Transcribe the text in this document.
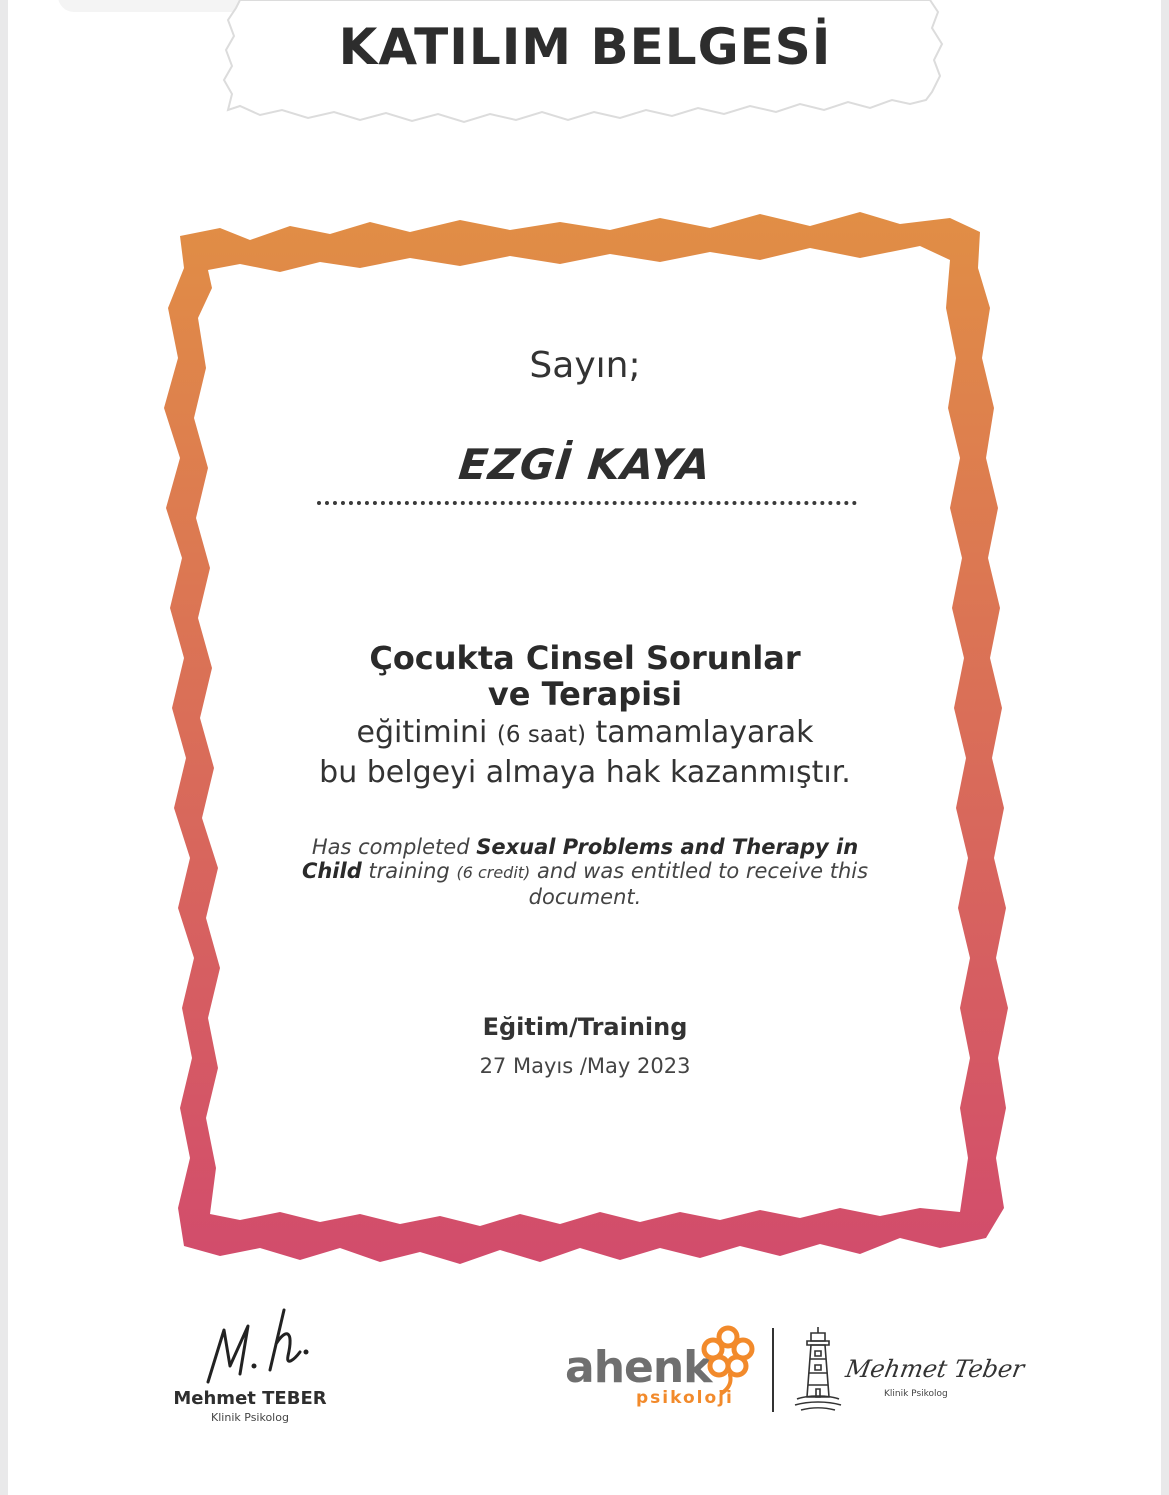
KATILIM BELGESİ
Sayın;
EZGİ KAYA
Çocukta Cinsel Sorunlar
ve Terapisi
eğitimini (6 saat) tamamlayarak
bu belgeyi almaya hak kazanmıştır.
Has completed Sexual Problems and Therapy in Child training (6 credit) and was entitled to receive this document.
Eğitim/Training
27 Mayıs /May 2023
Mehmet TEBER
Klinik Psikolog
ahenk
psikoloji
Mehmet Teber
Klinik Psikolog
